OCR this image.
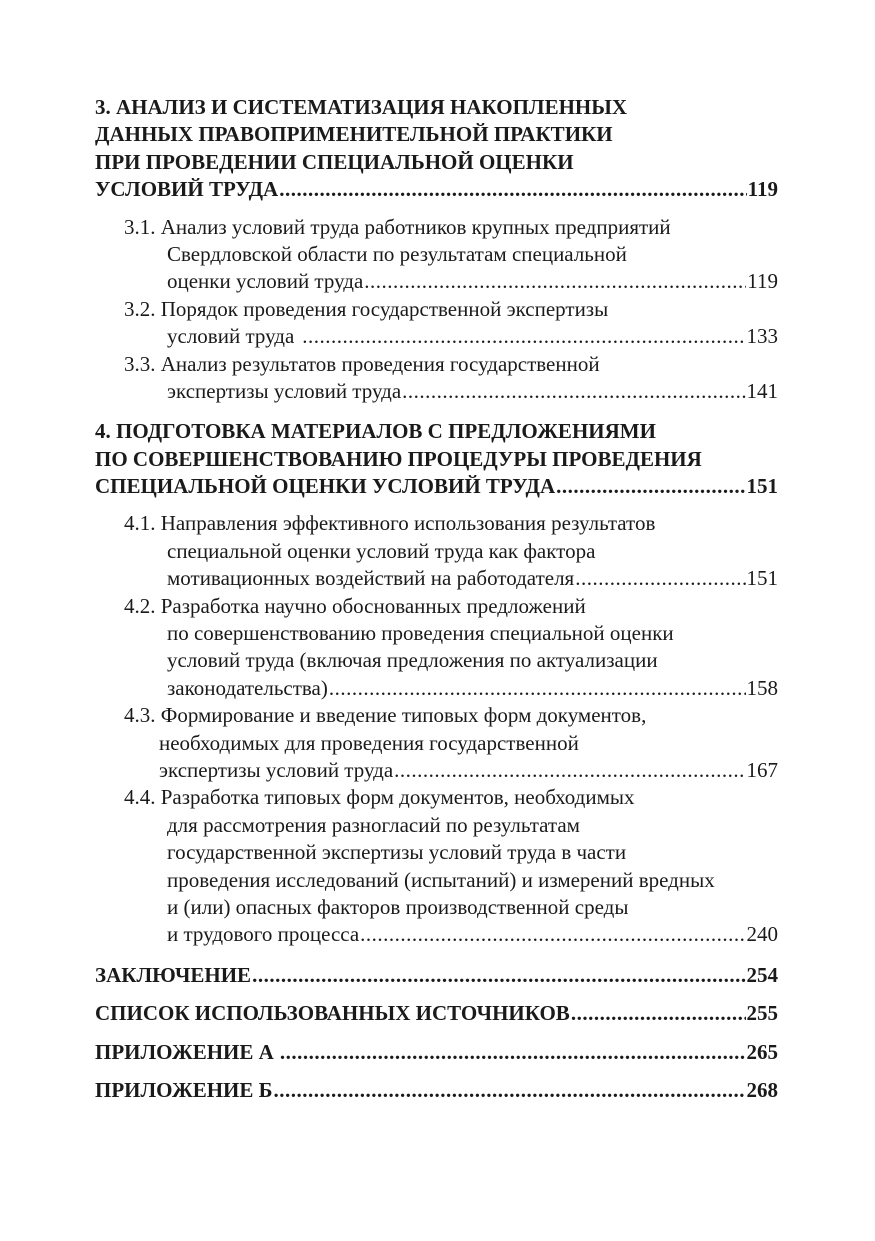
3. АНАЛИЗ И СИСТЕМАТИЗАЦИЯ НАКОПЛЕННЫХ
ДАННЫХ ПРАВОПРИМЕНИТЕЛЬНОЙ ПРАКТИКИ
ПРИ ПРОВЕДЕНИИ СПЕЦИАЛЬНОЙ ОЦЕНКИ
УСЛОВИЙ ТРУДА .....	119
3.1. Анализ условий труда работников крупных предприятий
Свердловской области по результатам специальной
оценки условий труда .....	119
3.2. Порядок проведения государственной экспертизы
условий труда .....	133
3.3. Анализ результатов проведения государственной
экспертизы условий труда .....	141
4. ПОДГОТОВКА МАТЕРИАЛОВ С ПРЕДЛОЖЕНИЯМИ
ПО СОВЕРШЕНСТВОВАНИЮ ПРОЦЕДУРЫ ПРОВЕДЕНИЯ
СПЕЦИАЛЬНОЙ ОЦЕНКИ УСЛОВИЙ ТРУДА .....	151
4.1. Направления эффективного использования результатов
специальной оценки условий труда как фактора
мотивационных воздействий на работодателя .....	151
4.2. Разработка научно обоснованных предложений
по совершенствованию проведения специальной оценки
условий труда (включая предложения по актуализации
законодательства) .....	158
4.3. Формирование и введение типовых форм документов,
необходимых для проведения государственной
экспертизы условий труда .....	167
4.4. Разработка типовых форм документов, необходимых
для рассмотрения разногласий по результатам
государственной экспертизы условий труда в части
проведения исследований (испытаний) и измерений вредных
и (или) опасных факторов производственной среды
и трудового процесса .....	240
ЗАКЛЮЧЕНИЕ .....	254
СПИСОК ИСПОЛЬЗОВАННЫХ ИСТОЧНИКОВ .....	255
ПРИЛОЖЕНИЕ А .....	265
ПРИЛОЖЕНИЕ Б .....	268
